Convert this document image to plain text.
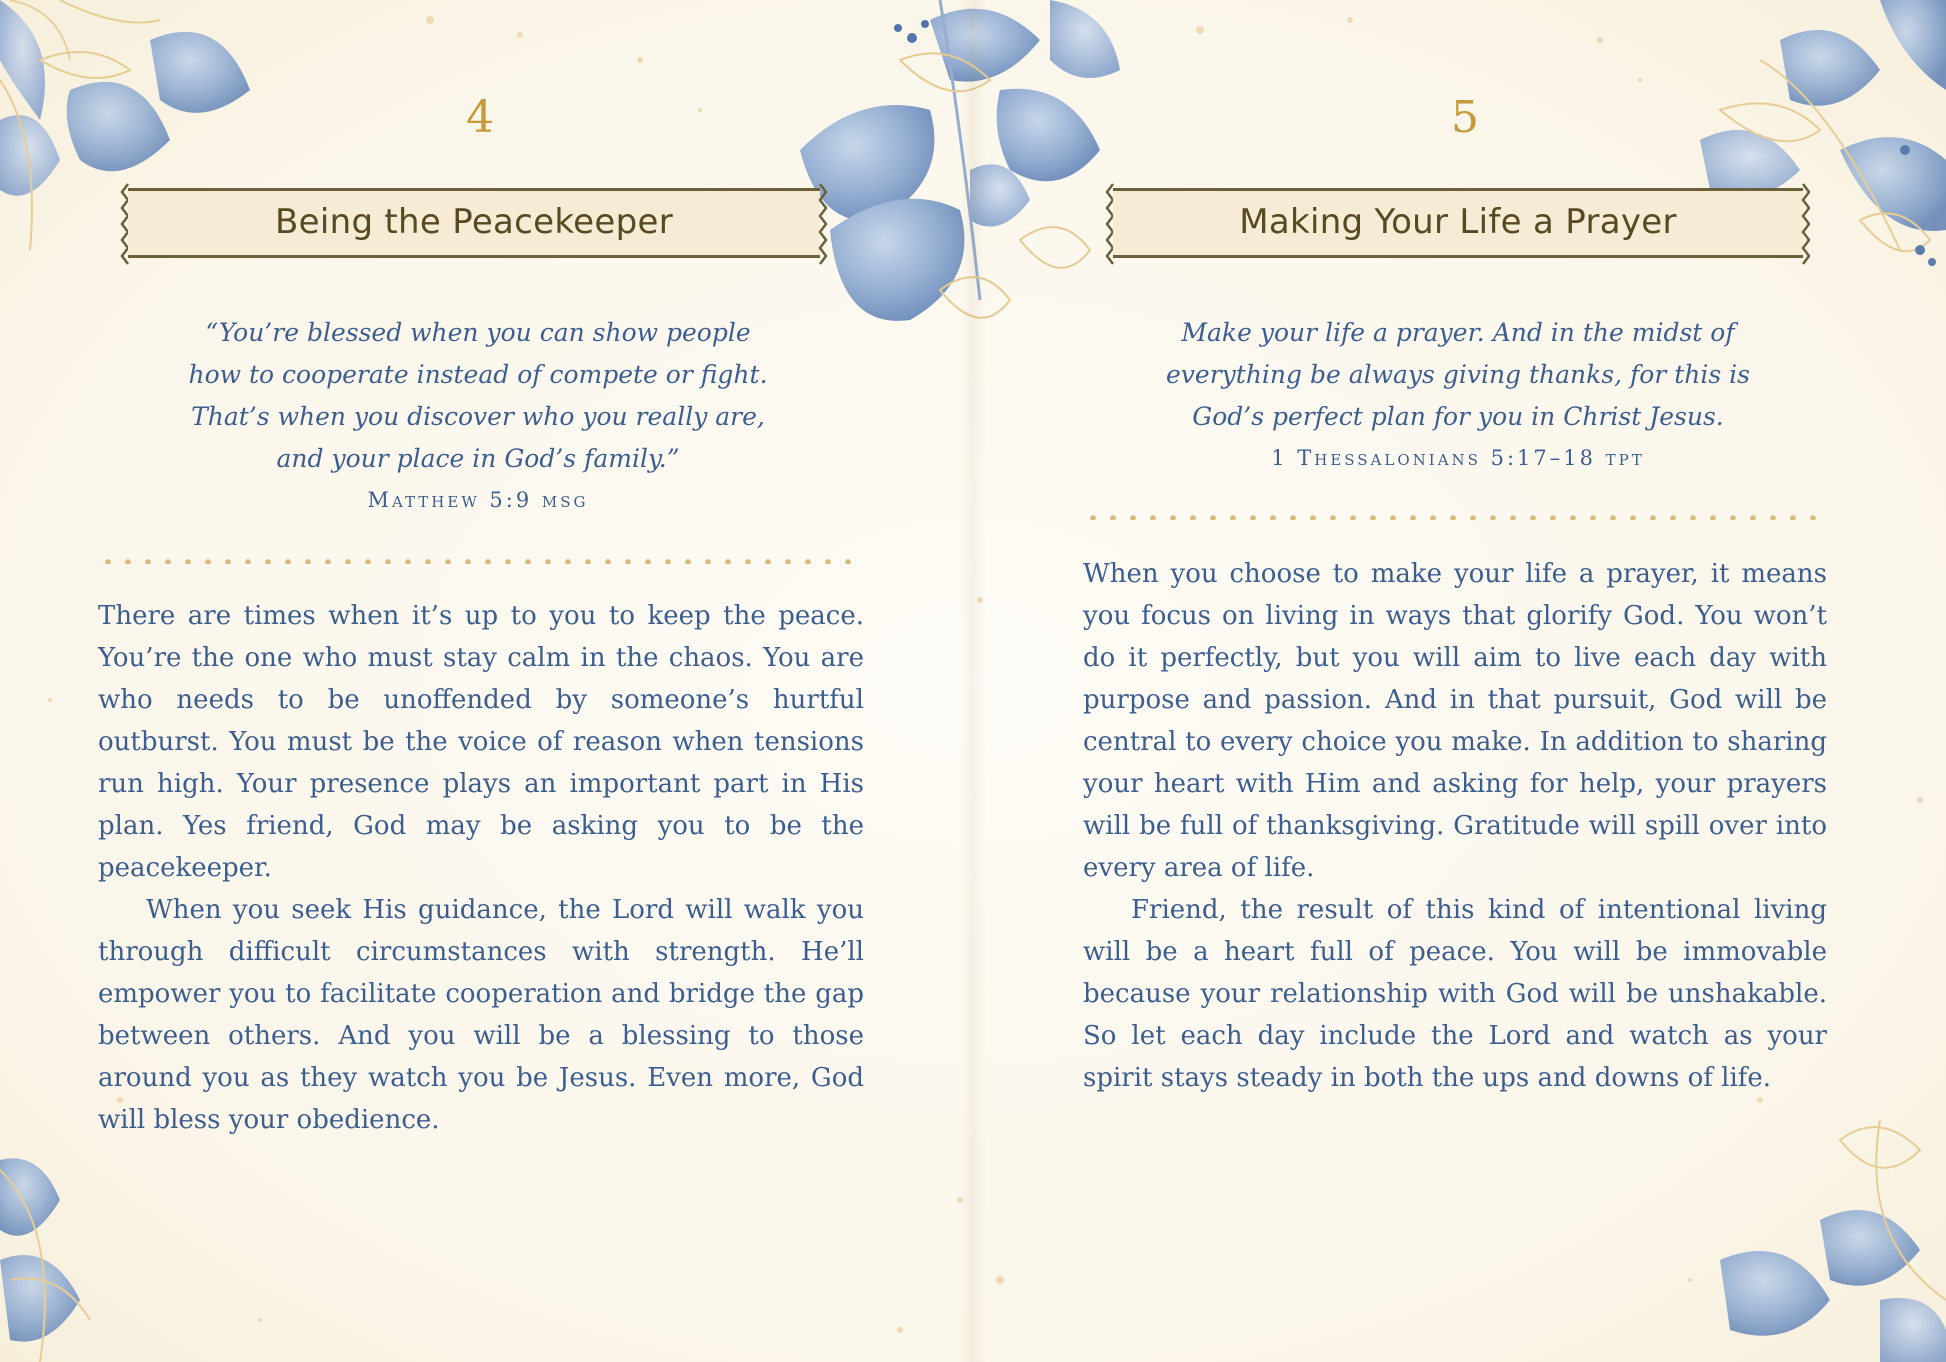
4
Being the Peacekeeper
“You’re blessed when you can show people how to cooperate instead of compete or fight. That’s when you discover who you really are, and your place in God’s family.”
Matthew 5:9 msg

There are times when it’s up to you to keep the peace. You’re the one who must stay calm in the chaos. You are who needs to be unoffended by someone’s hurtful outburst. You must be the voice of reason when tensions run high. Your presence plays an important part in His plan. Yes friend, God may be asking you to be the peacekeeper.

When you seek His guidance, the Lord will walk you through difficult circumstances with strength. He’ll empower you to facilitate cooperation and bridge the gap between others. And you will be a blessing to those around you as they watch you be Jesus. Even more, God will bless your obedience.

5
Making Your Life a Prayer
Make your life a prayer. And in the midst of everything be always giving thanks, for this is God’s perfect plan for you in Christ Jesus.
1 Thessalonians 5:17–18 tpt

When you choose to make your life a prayer, it means you focus on living in ways that glorify God. You won’t do it perfectly, but you will aim to live each day with purpose and passion. And in that pursuit, God will be central to every choice you make. In addition to sharing your heart with Him and asking for help, your prayers will be full of thanksgiving. Gratitude will spill over into every area of life.

Friend, the result of this kind of intentional living will be a heart full of peace. You will be immovable because your relationship with God will be unshakable. So let each day include the Lord and watch as your spirit stays steady in both the ups and downs of life.
